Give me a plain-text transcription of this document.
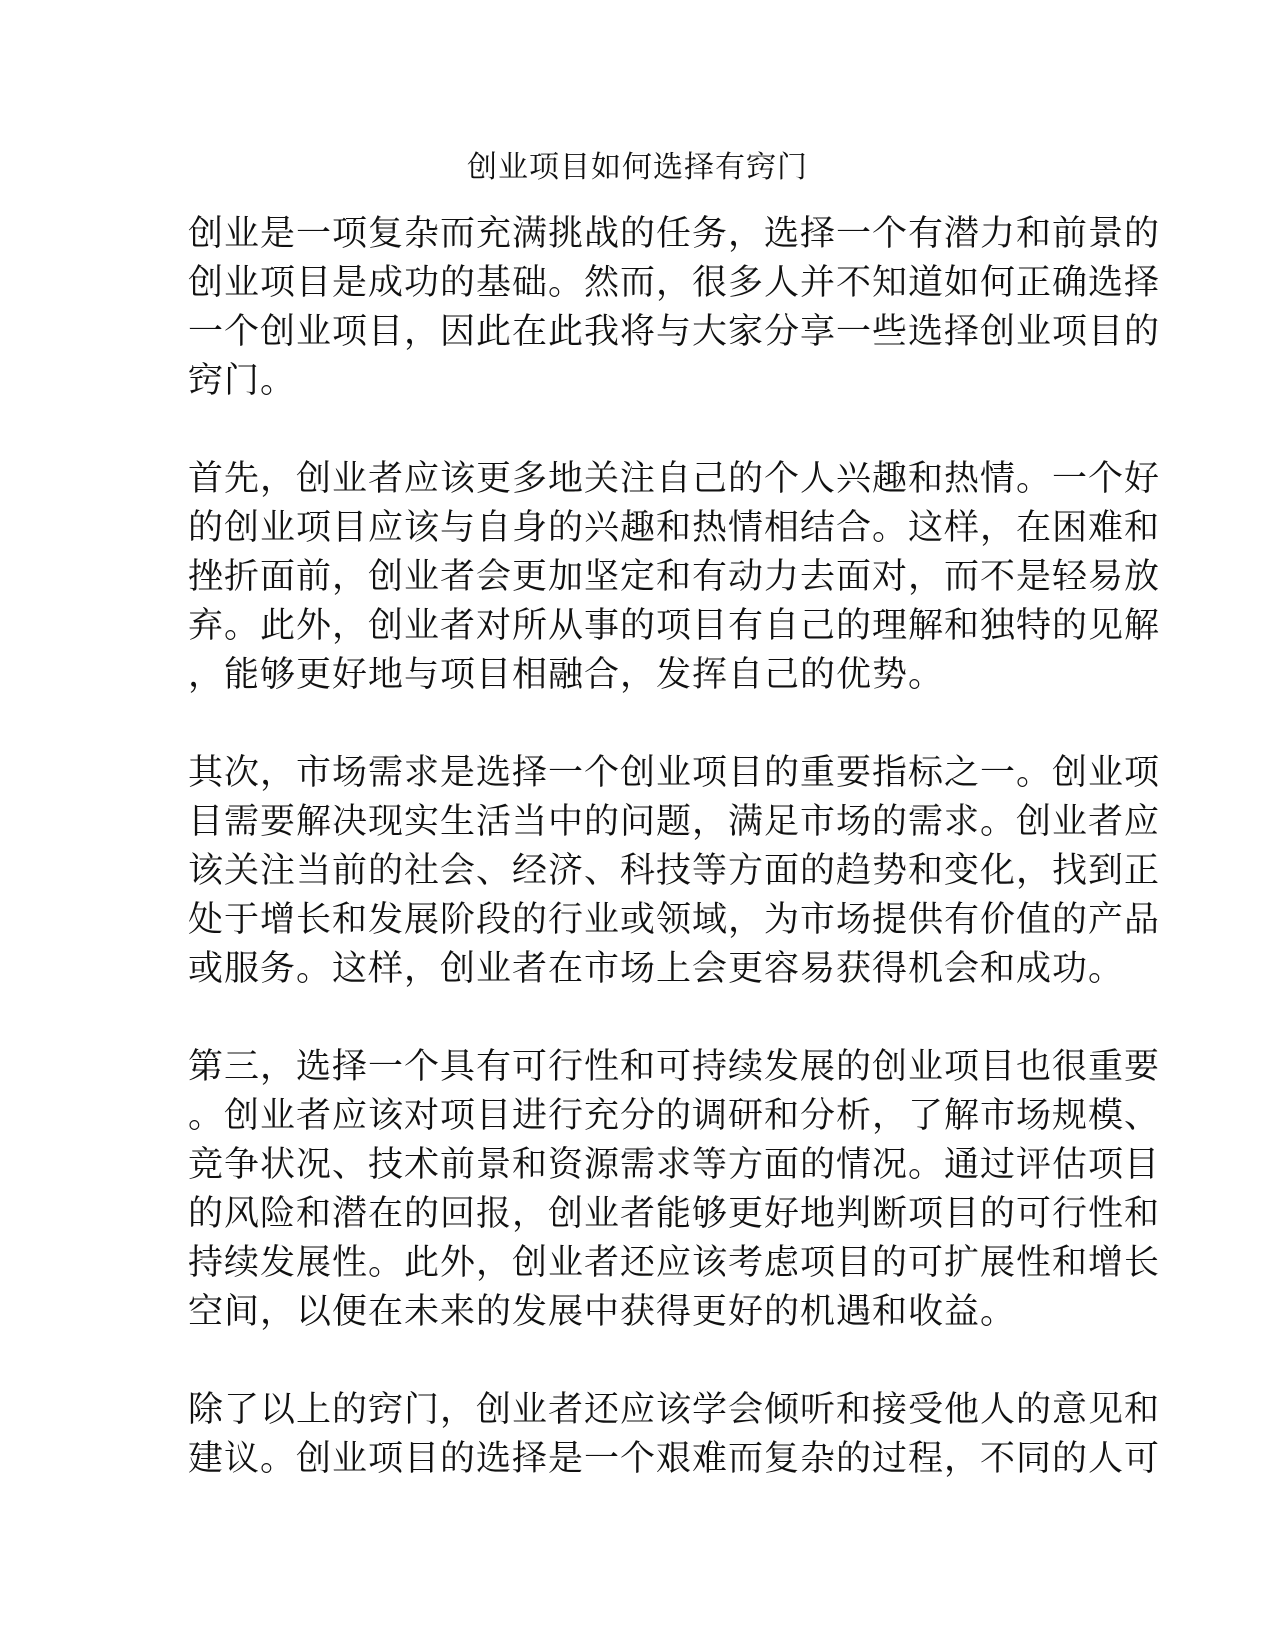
创业项目如何选择有窍门

创业是一项复杂而充满挑战的任务，选择一个有潜力和前景的
创业项目是成功的基础。然而，很多人并不知道如何正确选择
一个创业项目，因此在此我将与大家分享一些选择创业项目的
窍门。

首先，创业者应该更多地关注自己的个人兴趣和热情。一个好
的创业项目应该与自身的兴趣和热情相结合。这样，在困难和
挫折面前，创业者会更加坚定和有动力去面对，而不是轻易放
弃。此外，创业者对所从事的项目有自己的理解和独特的见解
，能够更好地与项目相融合，发挥自己的优势。

其次，市场需求是选择一个创业项目的重要指标之一。创业项
目需要解决现实生活当中的问题，满足市场的需求。创业者应
该关注当前的社会、经济、科技等方面的趋势和变化，找到正
处于增长和发展阶段的行业或领域，为市场提供有价值的产品
或服务。这样，创业者在市场上会更容易获得机会和成功。

第三，选择一个具有可行性和可持续发展的创业项目也很重要
。创业者应该对项目进行充分的调研和分析，了解市场规模、
竞争状况、技术前景和资源需求等方面的情况。通过评估项目
的风险和潜在的回报，创业者能够更好地判断项目的可行性和
持续发展性。此外，创业者还应该考虑项目的可扩展性和增长
空间，以便在未来的发展中获得更好的机遇和收益。

除了以上的窍门，创业者还应该学会倾听和接受他人的意见和
建议。创业项目的选择是一个艰难而复杂的过程，不同的人可
